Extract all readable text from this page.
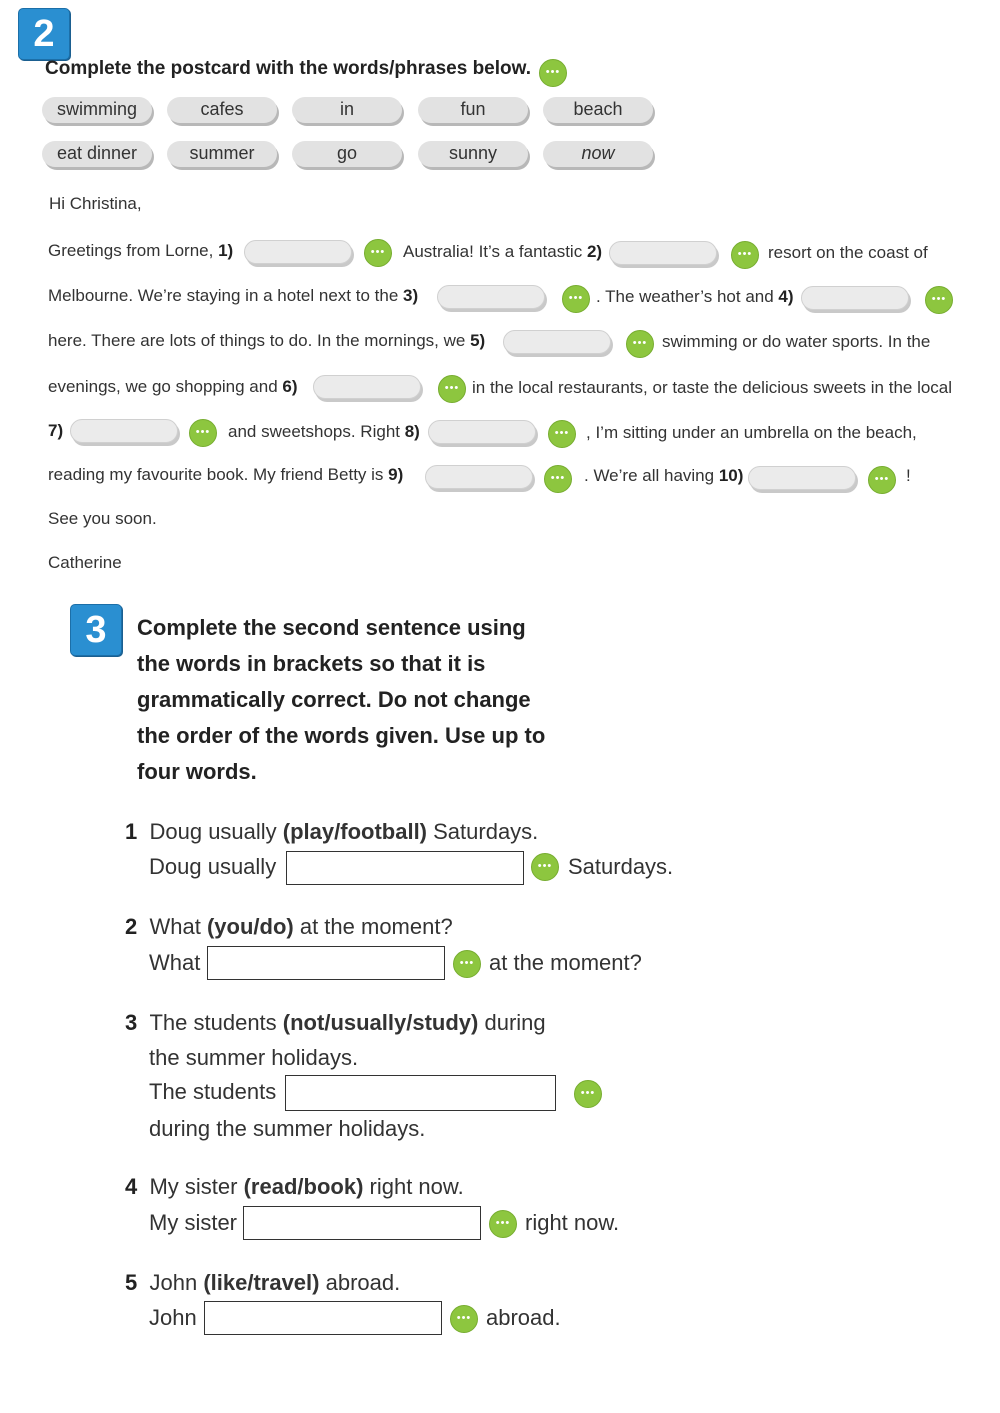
2
Complete the postcard with the words/phrases below.
•••
swimming	cafes	in	fun	beach
eat dinner	summer	go	sunny	now
Hi Christina,
Greetings from Lorne, 1) •••	Australia! It’s a fantastic 2) •••	resort on the coast of
Melbourne. We’re staying in a hotel next to the 3) •••	. The weather’s hot and 4)
•••
here. There are lots of things to do. In the mornings, we 5) •••	swimming or do water sports. In the
evenings, we go shopping and 6) •••	in the local restaurants, or taste the delicious sweets in the local
7) •••	and sweetshops. Right 8) •••	, I’m sitting under an umbrella on the beach,
reading my favourite book. My friend Betty is 9) •••	. We’re all having 10) •••	!
See you soon.
Catherine
3	Complete the second sentence using
the words in brackets so that it is
grammatically correct. Do not change
the order of the words given. Use up to
four words.
1 Doug usually (play/football) Saturdays.
Doug usually •••	Saturdays.
2 What (you/do) at the moment?
What •••	at the moment?
3 The students (not/usually/study) during
the summer holidays.
The students
•••
during the summer holidays.
4 My sister (read/book) right now.
My sister •••	right now.
5 John (like/travel) abroad.
John •••	abroad.
